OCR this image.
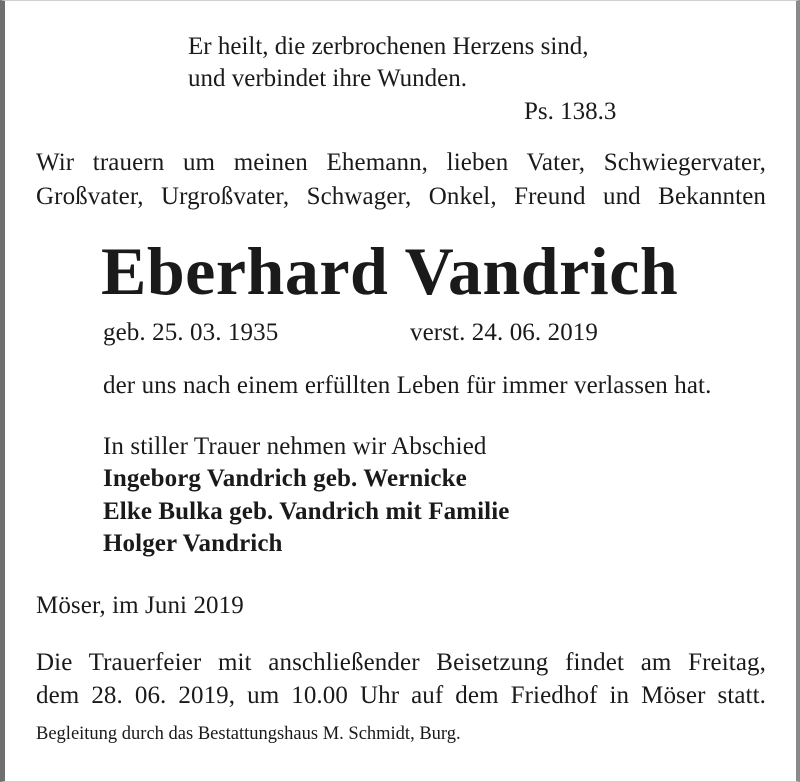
Er heilt, die zerbrochenen Herzens sind,
und verbindet ihre Wunden.
Ps. 138.3
Wir trauern um meinen Ehemann, lieben Vater, Schwiegervater,
Großvater, Urgroßvater, Schwager, Onkel, Freund und Bekannten
Eberhard Vandrich
geb. 25. 03. 1935	verst. 24. 06. 2019
der uns nach einem erfüllten Leben für immer verlassen hat.
In stiller Trauer nehmen wir Abschied
Ingeborg Vandrich geb. Wernicke
Elke Bulka geb. Vandrich mit Familie
Holger Vandrich
Möser, im Juni 2019
Die Trauerfeier mit anschließender Beisetzung findet am Freitag,
dem 28. 06. 2019, um 10.00 Uhr auf dem Friedhof in Möser statt.
Begleitung durch das Bestattungshaus M. Schmidt, Burg.
